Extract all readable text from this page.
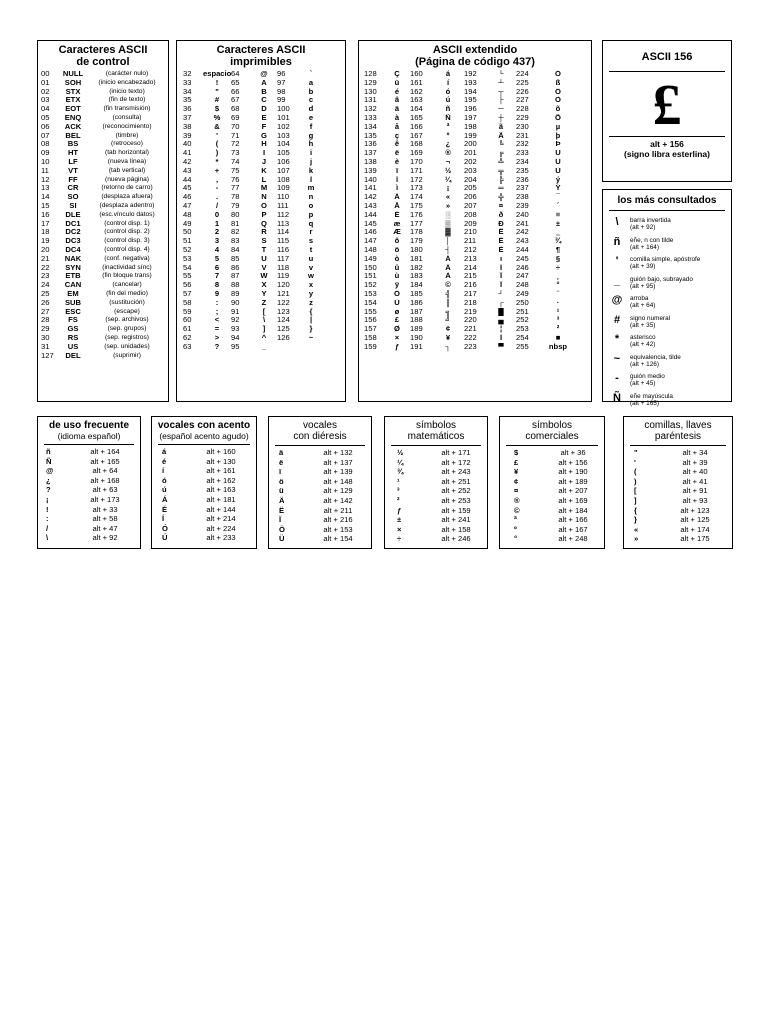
Caracteres ASCII
de control
00	NULL	(carácter nulo)
01	SOH	(inicio encabezado)
02	STX	(inicio texto)
03	ETX	(fin de texto)
04	EOT	(fin transmisión)
05	ENQ	(consulta)
06	ACK	(reconocimiento)
07	BEL	(timbre)
08	BS	(retroceso)
09	HT	(tab horizontal)
10	LF	(nueva línea)
11	VT	(tab vertical)
12	FF	(nueva página)
13	CR	(retorno de carro)
14	SO	(desplaza afuera)
15	SI	(desplaza adentro)
16	DLE	(esc.vínculo datos)
17	DC1	(control disp. 1)
18	DC2	(control disp. 2)
19	DC3	(control disp. 3)
20	DC4	(control disp. 4)
21	NAK	(conf. negativa)
22	SYN	(inactividad sínc)
23	ETB	(fin bloque trans)
24	CAN	(cancelar)
25	EM	(fin del medio)
26	SUB	(sustitución)
27	ESC	(escape)
28	FS	(sep. archivos)
29	GS	(sep. grupos)
30	RS	(sep. registros)
31	US	(sep. unidades)
127	DEL	(suprimir)
Caracteres ASCII
imprimibles
32	espacio 64	@	96	`
33	!	65	A	97	a
34	"	66	B	98	b
35	#	67	C	99	c
36	$	68	D	100	d
37	%	69	E	101	e
38	&	70	F	102	f
39	'	71	G	103	g
40	(	72	H	104	h
41	)	73	I	105	i
42	*	74	J	106	j
43	+	75	K	107	k
44	,	76	L	108	l
45	-	77	M	109	m
46	.	78	N	110	n
47	/	79	O	111	o
48	0	80	P	112	p
49	1	81	Q	113	q
50	2	82	R	114	r
51	3	83	S	115	s
52	4	84	T	116	t
53	5	85	U	117	u
54	6	86	V	118	v
55	7	87	W	119	w
56	8	88	X	120	x
57	9	89	Y	121	y
58	:	90	Z	122	z
59	;	91	[	123	{
60	<	92	\	124	|
61	=	93	]	125	}
62	>	94	^	126	~
63	?	95	_
ASCII extendido
(Página de código 437)
128	Ç	160	á	192	└	224	Ó
129	ü	161	í	193	┴	225	ß
130	é	162	ó	194	┬	226	Ô
131	â	163	ú	195	├	227	Ò
132	ä	164	ñ	196	─	228	õ
133	à	165	Ñ	197	┼	229	Õ
134	å	166	ª	198	ã	230	µ
135	ç	167	º	199	Ã	231	þ
136	ê	168	¿	200	╚	232	Þ
137	ë	169	®	201	╔	233	Ú
138	è	170	¬	202	╩	234	Û
139	ï	171	½	203	╦	235	Ù
140	î	172	¼	204	╠	236	ý
141	ì	173	¡	205	═	237	Ý
142	Ä	174	«	206	╬	238	¯
143	Å	175	»	207	¤	239	´
144	É	176	░	208	ð	240	≡
145	æ	177	▒	209	Ð	241	±
146	Æ	178	▓	210	Ê	242	‗
147	ô	179	│	211	Ë	243	¾
148	ö	180	┤	212	È	244	¶
149	ò	181	Á	213	ı	245	§
150	û	182	Â	214	Í	246	÷
151	ù	183	À	215	Î	247	¸
152	ÿ	184	©	216	Ï	248	°
153	Ö	185	╣	217	┘	249	¨
154	Ü	186	║	218	┌	250	·
155	ø	187	╗	219	█	251	¹
156	£	188	╝	220	▄	252	³
157	Ø	189	¢	221	¦	253	²
158	×	190	¥	222	Ì	254	■
159	ƒ	191	┐	223	▀	255	nbsp
ASCII 156
£
alt + 156
(signo libra esterlina)
los más consultados
\	barra invertida
(alt + 92)
ñ	eñe, n con tilde
(alt + 164)
'	comilla simple, apóstrofe
(alt + 39)
_	guión bajo, subrayado
(alt + 95)
@	arroba
(alt + 64)
#	signo numeral
(alt + 35)
*	asterisco
(alt + 42)
~	equivalencia, tilde
(alt + 126)
-	guión medio
(alt + 45)
Ñ	eñe mayúscula
(alt + 165)
de uso frecuente
(idioma español)
ñ	alt + 164
Ñ	alt + 165
@	alt + 64
¿	alt + 168
?	alt + 63
¡	alt + 173
!	alt + 33
:	alt + 58
/	alt + 47
\	alt + 92
vocales con acento
(español acento agudo)
á	alt + 160
é	alt + 130
í	alt + 161
ó	alt + 162
ú	alt + 163
Á	alt + 181
É	alt + 144
Í	alt + 214
Ó	alt + 224
Ú	alt + 233
vocales
con diéresis
ä	alt + 132
ë	alt + 137
ï	alt + 139
ö	alt + 148
ü	alt + 129
Ä	alt + 142
Ë	alt + 211
Ï	alt + 216
Ö	alt + 153
Ü	alt + 154
símbolos
matemáticos
½	alt + 171
¼	alt + 172
¾	alt + 243
¹	alt + 251
³	alt + 252
²	alt + 253
ƒ	alt + 159
±	alt + 241
×	alt + 158
÷	alt + 246
símbolos
comerciales
$	alt + 36
£	alt + 156
¥	alt + 190
¢	alt + 189
¤	alt + 207
®	alt + 169
©	alt + 184
ª	alt + 166
º	alt + 167
°	alt + 248
comillas, llaves
paréntesis
"	alt + 34
'	alt + 39
(	alt + 40
)	alt + 41
[	alt + 91
]	alt + 93
{	alt + 123
}	alt + 125
«	alt + 174
»	alt + 175
